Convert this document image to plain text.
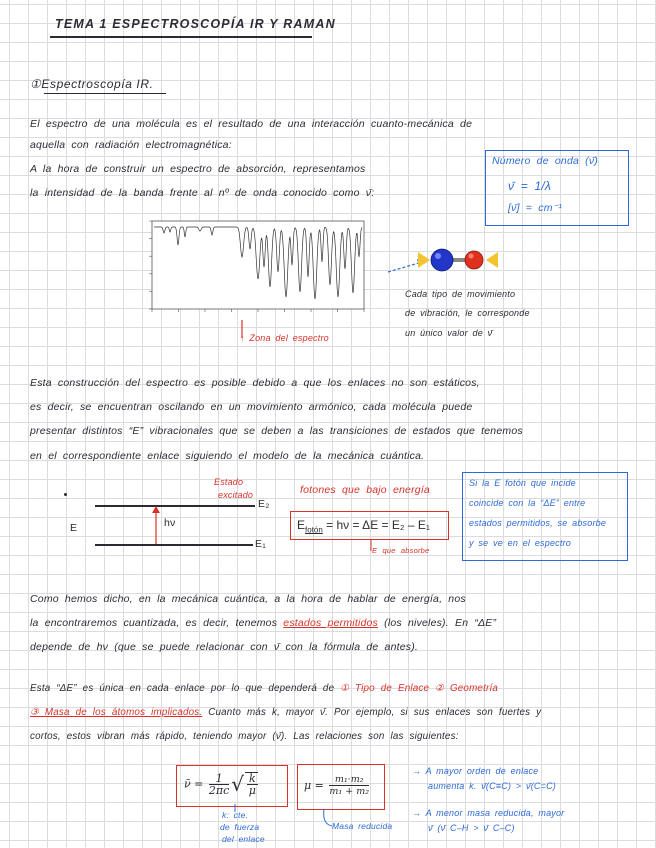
TEMA 1 ESPECTROSCOPÍA IR Y RAMAN
①Espectroscopía IR.
El espectro de una molécula es el resultado de una interacción cuanto-mecánica de
aquella con radiación electromagnética:
A la hora de construir un espectro de absorción, representamos
la intensidad de la banda frente al nº de onda conocido como ν̄:
Número de onda (ν̄)
ν̄ = 1/λ
[ν̄] = cm⁻¹
↑ Zona del espectro
Cada tipo de movimiento
de vibración, le corresponde
un único valor de ν̄
Esta construcción del espectro es posible debido a que los enlaces no son estáticos,
es decir, se encuentran oscilando en un movimiento armónico, cada molécula puede
presentar distintos “E” vibracionales que se deben a las transiciones de estados que tenemos
en el correspondiente enlace siguiendo el modelo de la mecánica cuántica.
E	hν
E₂
E₁
Estado
excitado	fotones que bajo energía
$E_{fotón} = h\nu = \Delta E = E_2 - E_1$
E que absorbe
Si la E fotón que incide
coincide con la “ΔE” entre
estados permitidos, se absorbe
y se ve en el espectro
Como hemos dicho, en la mecánica cuántica, a la hora de hablar de energía, nos
la encontraremos cuantizada, es decir, tenemos estados permitidos (los niveles). En “ΔE”
depende de hν (que se puede relacionar con ν̄ con la fórmula de antes).
Esta “ΔE” es única en cada enlace por lo que dependerá de ① Tipo de Enlace ② Geometría
③ Masa de los átomos implicados. Cuanto más k, mayor ν̄. Por ejemplo, si sus enlaces son fuertes y
cortos, estos vibran más rápido, teniendo mayor (ν̄). Las relaciones son las siguientes:
ν̄ = $\frac{1}{2\pi c}$ √ $\frac{k}{\mu}$
k: cte.
de fuerza
del enlace
$\mu = \frac{\text{m₁·m₂}}{\text{m₁ + m₂}}$
Masa reducida
→ A mayor orden de enlace
aumenta k. ν̄(C≡C) > ν̄(C=C)
→ A menor masa reducida, mayor
ν̄ (ν̄ C–H > ν̄ C–C)
